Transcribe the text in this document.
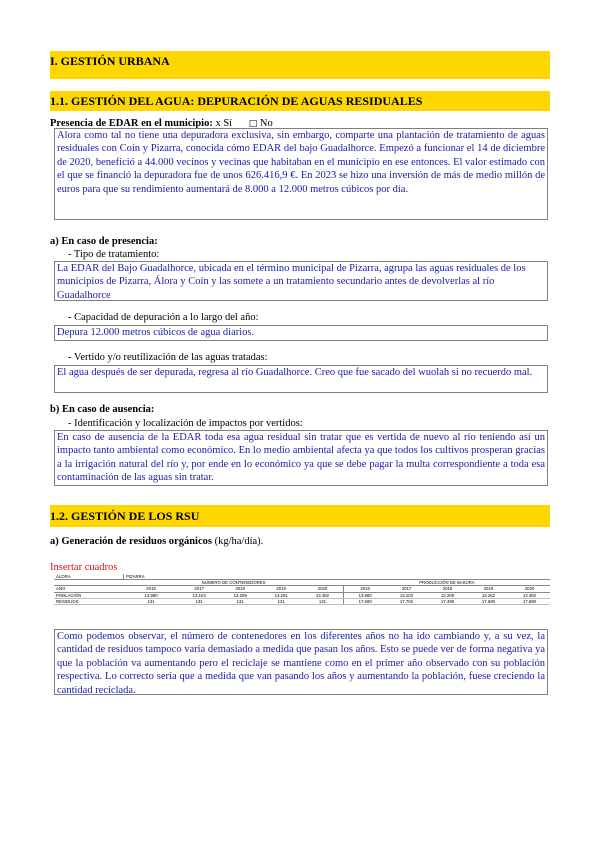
I. GESTIÓN URBANA
1.1. GESTIÓN DEL AGUA: DEPURACIÓN DE AGUAS RESIDUALES
Presencia de EDAR en el municipio: x Sí □ No
Alora como tal no tiene una depuradora exclusiva, sin embargo, comparte una plantación de tratamiento de aguas residuales con Coín y Pizarra, conocida cómo EDAR del bajo Guadalhorce. Empezó a funcionar el 14 de diciembre de 2020, benefició a 44.000 vecinos y vecinas que habitaban en el municipio en ese entonces. El valor estimado con el que se financió la depuradora fue de unos 626.416,9 €. En 2023 se hizo una inversión de más de medio millón de euros para que su rendimiento aumentará de 8.000 a 12.000 metros cúbicos por día.
a) En caso de presencia:
- Tipo de tratamiento:
La EDAR del Bajo Guadalhorce, ubicada en el término municipal de Pizarra, agrupa las aguas residuales de los municipios de Pizarra, Álora y Coín y las somete a un tratamiento secundario antes de devolverlas al río Guadalhorce
- Capacidad de depuración a lo largo del año:
Depura 12.000 metros cúbicos de agua diarios.
- Vertido y/o reutilización de las aguas tratadas:
El agua después de ser depurada, regresa al río Guadalhorce. Creo que fue sacado del wuolah si no recuerdo mal.
b) En caso de ausencia:
- Identificación y localización de impactos por vertidos:
En caso de ausencia de la EDAR toda esa agua residual sin tratar que es vertida de nuevo al río teniendo así un impacto tanto ambiental como económico. En lo medio ambiental afecta ya que todos los cultivos prosperan gracias a la irrigación natural del río y, por ende en lo económico ya que se debe pagar la multa correspondiente a toda esa contaminación de las aguas sin tratar.
1.2. GESTIÓN DE LOS RSU
a) Generación de residuos orgánicos (kg/ha/día).
Insertar cuadros
ÁLORA	PIZARRA									
	NÚMERO DE CONTENEDORES					PRODUCCIÓN DE BASURA				
AÑO	2016	2017	2018	2019	2020	2016	2017	2018	2019	2020
POBLACIÓN	13.980	13.103	13.209	13.261	13.482	13.980	13.103	13.209	13.262	13.482
RESIDUOS	131	131	131	131	131	17.680	17.702	17.499	17.690	17.690
Como podemos observar, el número de contenedores en los diferentes años no ha ido cambiando y, a su vez, la cantidad de residuos tampoco varía demasiado a medida que pasan los años. Esto se puede ver de forma negativa ya que la población va aumentando pero el reciclaje se mantiene como en el primer año observado con su población respectiva. Lo correcto sería que a medida que van pasando los años y aumentando la población, fuese creciendo la cantidad reciclada.
